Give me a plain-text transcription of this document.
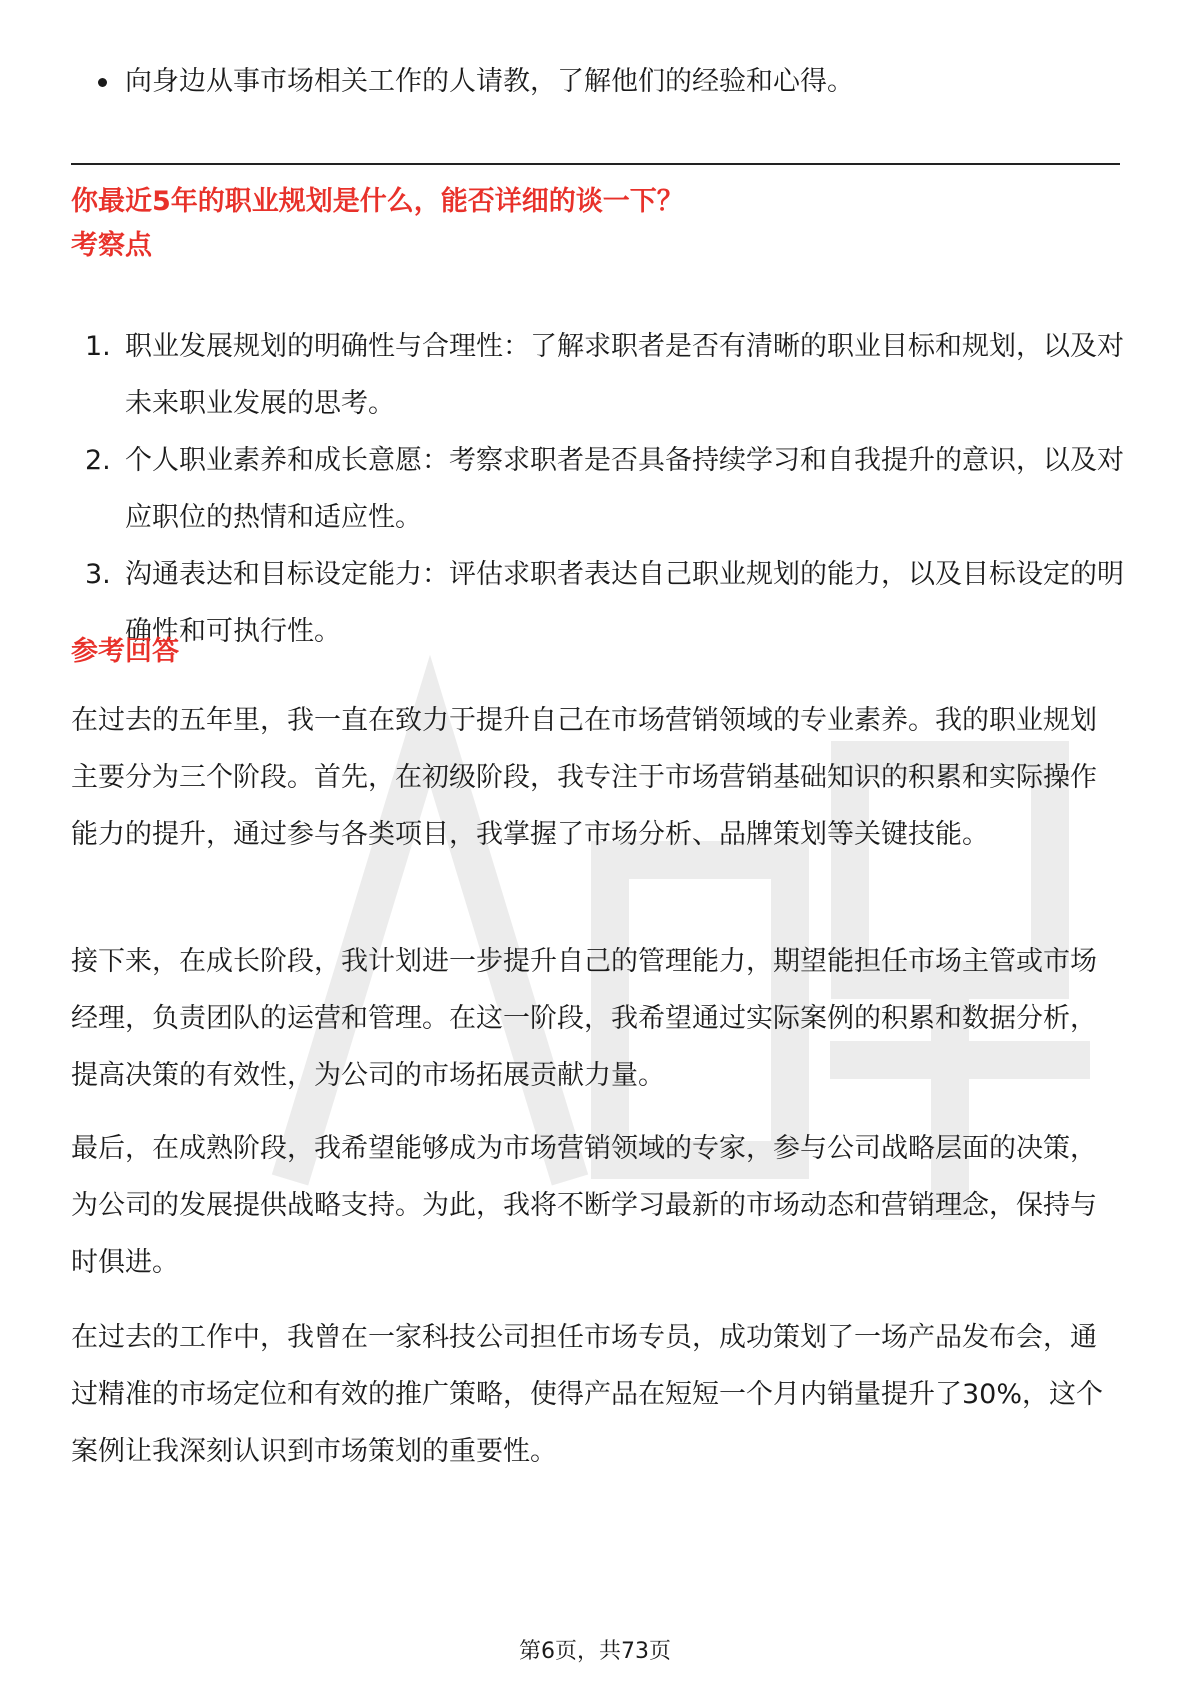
向身边从事市场相关工作的人请教，了解他们的经验和心得。
你最近5年的职业规划是什么，能否详细的谈一下？
考察点
1. 职业发展规划的明确性与合理性：了解求职者是否有清晰的职业目标和规划，以及对未来职业发展的思考。
2. 个人职业素养和成长意愿：考察求职者是否具备持续学习和自我提升的意识，以及对应职位的热情和适应性。
3. 沟通表达和目标设定能力：评估求职者表达自己职业规划的能力，以及目标设定的明确性和可执行性。
参考回答
在过去的五年里，我一直在致力于提升自己在市场营销领域的专业素养。我的职业规划主要分为三个阶段。首先，在初级阶段，我专注于市场营销基础知识的积累和实际操作能力的提升，通过参与各类项目，我掌握了市场分析、品牌策划等关键技能。
接下来，在成长阶段，我计划进一步提升自己的管理能力，期望能担任市场主管或市场经理，负责团队的运营和管理。在这一阶段，我希望通过实际案例的积累和数据分析，提高决策的有效性，为公司的市场拓展贡献力量。
最后，在成熟阶段，我希望能够成为市场营销领域的专家，参与公司战略层面的决策，为公司的发展提供战略支持。为此，我将不断学习最新的市场动态和营销理念，保持与时俱进。
在过去的工作中，我曾在一家科技公司担任市场专员，成功策划了一场产品发布会，通过精准的市场定位和有效的推广策略，使得产品在短短一个月内销量提升了30%，这个案例让我深刻认识到市场策划的重要性。
第6页，共73页
